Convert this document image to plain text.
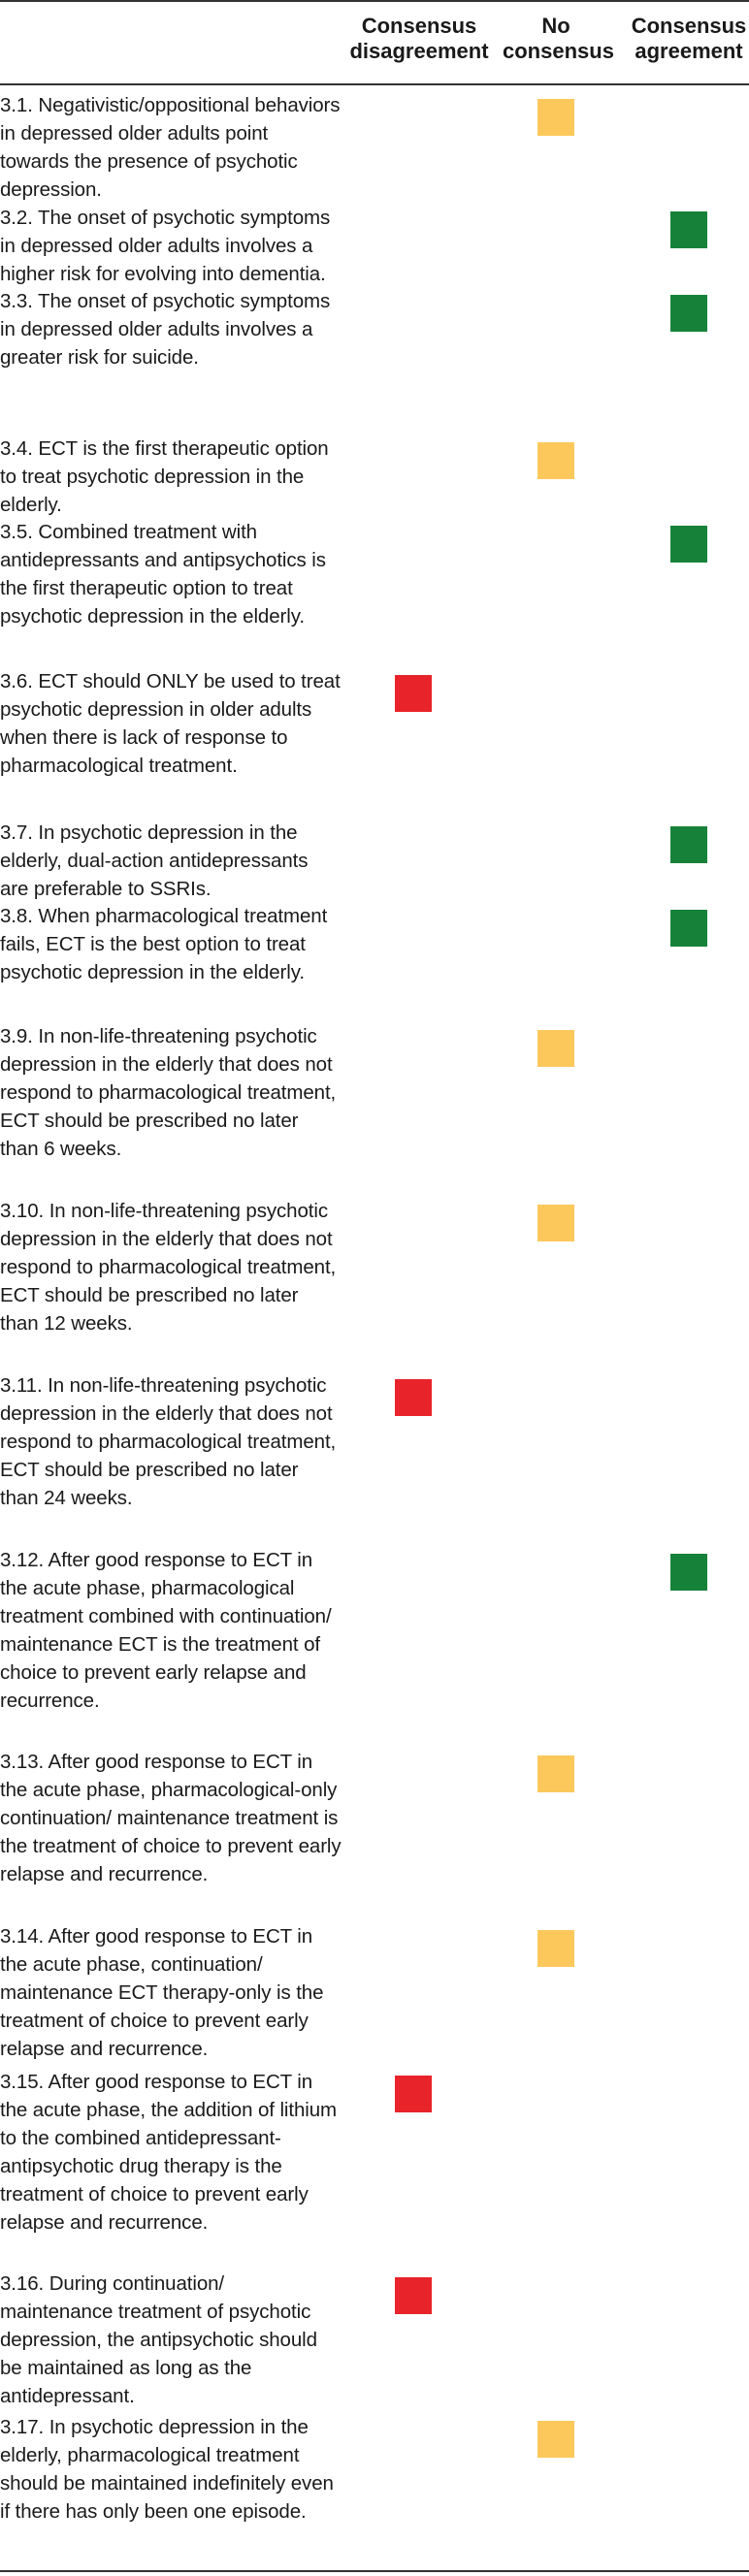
Consensus
disagreement
No
consensus
Consensus
agreement
3.1. Negativistic/oppositional behaviors in depressed older adults point towards the presence of psychotic depression.
3.2. The onset of psychotic symptoms in depressed older adults involves a higher risk for evolving into dementia.
3.3. The onset of psychotic symptoms in depressed older adults involves a greater risk for suicide.
3.4. ECT is the first therapeutic option to treat psychotic depression in the elderly.
3.5. Combined treatment with antidepressants and antipsychotics is the first therapeutic option to treat psychotic depression in the elderly.
3.6. ECT should ONLY be used to treat psychotic depression in older adults when there is lack of response to pharmacological treatment.
3.7. In psychotic depression in the elderly, dual-action antidepressants are preferable to SSRIs.
3.8. When pharmacological treatment fails, ECT is the best option to treat psychotic depression in the elderly.
3.9. In non-life-threatening psychotic depression in the elderly that does not respond to pharmacological treatment, ECT should be prescribed no later than 6 weeks.
3.10. In non-life-threatening psychotic depression in the elderly that does not respond to pharmacological treatment, ECT should be prescribed no later than 12 weeks.
3.11. In non-life-threatening psychotic depression in the elderly that does not respond to pharmacological treatment, ECT should be prescribed no later than 24 weeks.
3.12. After good response to ECT in the acute phase, pharmacological treatment combined with continuation/ maintenance ECT is the treatment of choice to prevent early relapse and recurrence.
3.13. After good response to ECT in the acute phase, pharmacological-only continuation/ maintenance treatment is the treatment of choice to prevent early relapse and recurrence.
3.14. After good response to ECT in the acute phase, continuation/ maintenance ECT therapy-only is the treatment of choice to prevent early relapse and recurrence.
3.15. After good response to ECT in the acute phase, the addition of lithium to the combined antidepressant-antipsychotic drug therapy is the treatment of choice to prevent early relapse and recurrence.
3.16. During continuation/ maintenance treatment of psychotic depression, the antipsychotic should be maintained as long as the antidepressant.
3.17. In psychotic depression in the elderly, pharmacological treatment should be maintained indefinitely even if there has only been one episode.
